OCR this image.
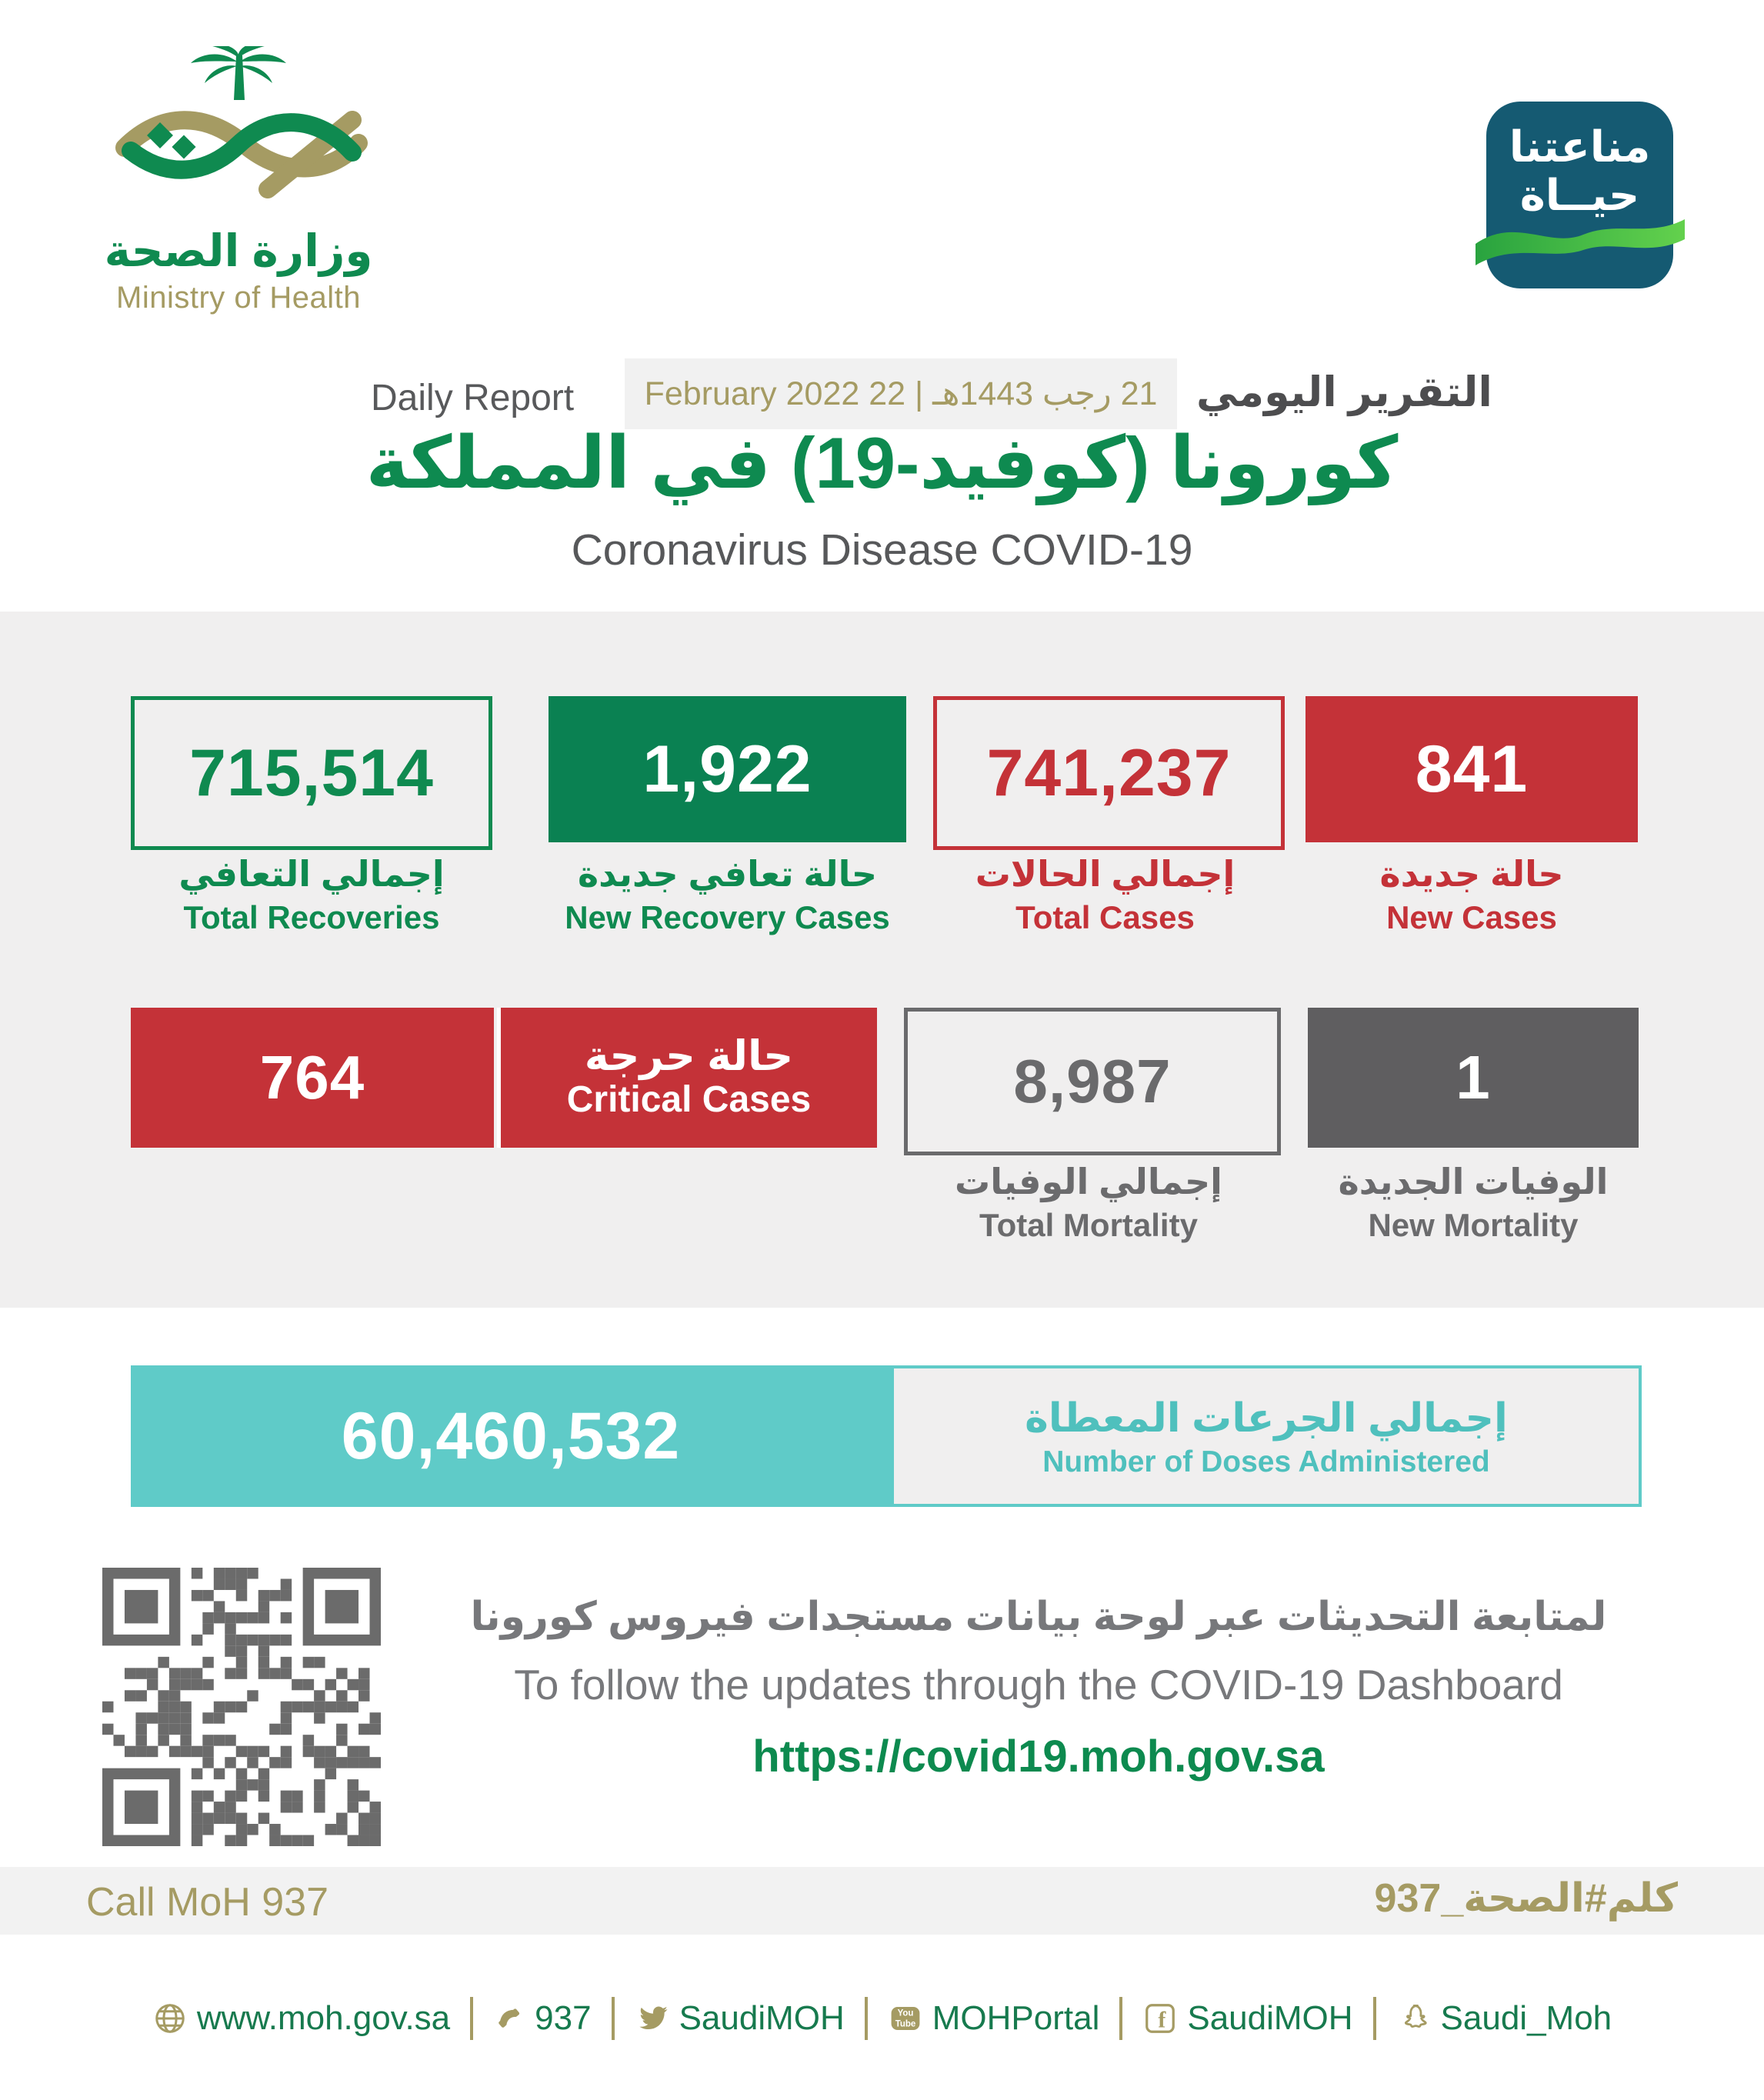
وزارة الصحة
Ministry of Health
مناعتنا
حيــاة
Daily Report 21 رجب 1443هـ | 22 February 2022 التقرير اليومي
كورونا (كوفيد-19) في المملكة
Coronavirus Disease COVID-19
715,514	1,922	741,237	841
إجمالي التعافي
Total Recoveries
حالة تعافي جديدة
New Recovery Cases
إجمالي الحالات
Total Cases
حالة جديدة
New Cases
764	حالة حرجة
Critical Cases	8,987	1
إجمالي الوفيات
Total Mortality
الوفيات الجديدة
New Mortality
60,460,532	إجمالي الجرعات المعطاة
Number of Doses Administered
لمتابعة التحديثات عبر لوحة بيانات مستجدات فيروس كورونا
To follow the updates through the COVID-19 Dashboard
https://covid19.moh.gov.sa
Call MoH 937	كلم#الصحة_937
www.moh.gov.sa	937	SaudiMOH	You
Tube MOHPortal	f SaudiMOH	Saudi_Moh
